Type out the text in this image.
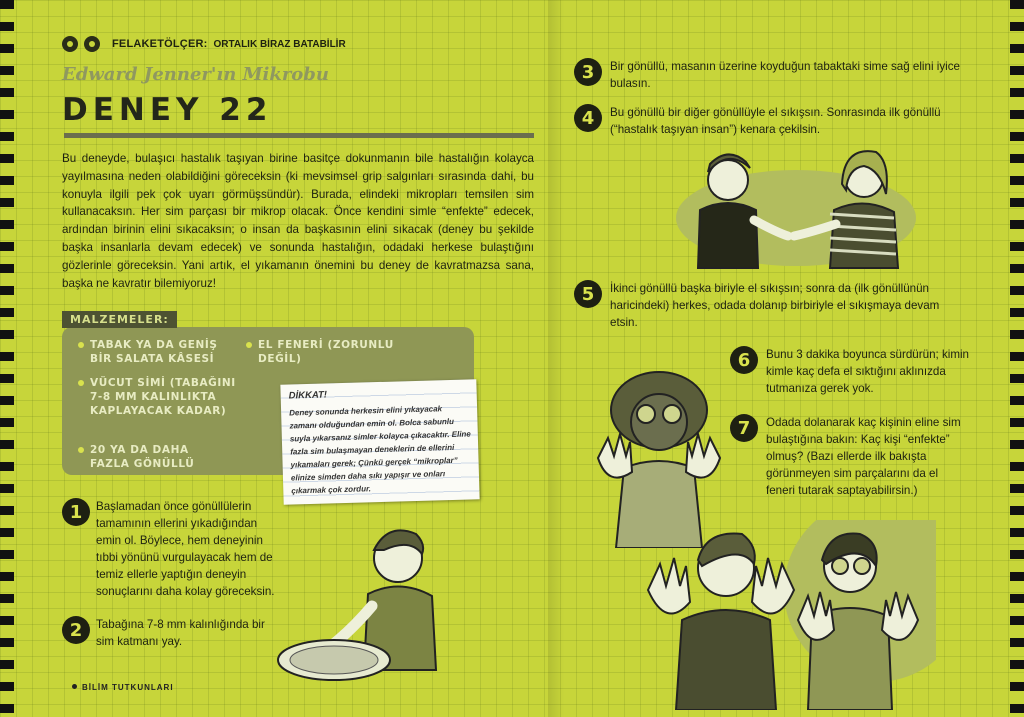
FELAKETÖLÇER: ORTALIK BİRAZ BATABİLİR
Edward Jenner'ın Mikrobu
DENEY 22

Bu deneyde, bulaşıcı hastalık taşıyan birine basitçe dokunmanın bile hastalığın kolayca yayılmasına neden olabildiğini göreceksin (ki mevsimsel grip salgınları sırasında dahi, bu konuyla ilgili pek çok uyarı görmüşsündür). Burada, elindeki mikropları temsilen sim kullanacaksın. Her sim parçası bir mikrop olacak. Önce kendini simle “enfekte” edecek, ardından birinin elini sıkacaksın; o insan da başkasının elini sıkacak (deney bu şekilde başka insanlarla devam edecek) ve sonunda hastalığın, odadaki herkese bulaştığını gözlerinle göreceksin. Yani artık, el yıkamanın önemini bu deney de kavratmazsa sana, başka ne kavratır bilemiyoruz!

MALZEMELER:
TABAK YA DA GENİŞ BİR SALATA KÂSESİ
VÜCUT SİMİ (TABAĞINI 7-8 MM KALINLIKTA KAPLAYACAK KADAR)
20 YA DA DAHA FAZLA GÖNÜLLÜ
EL FENERİ (ZORUNLU DEĞİL)
DİKKAT!
Deney sonunda herkesin elini yıkayacak zamanı olduğundan emin ol. Bolca sabunlu suyla yıkarsanız simler kolayca çıkacaktır. Eline fazla sim bulaşmayan deneklerin de ellerini yıkamaları gerek; Çünkü gerçek “mikroplar” elinize simden daha sıkı yapışır ve onları çıkarmak çok zordur.
1	Başlamadan önce gönüllülerin tamamının ellerini yıkadığından emin ol. Böylece, hem deneyinin tıbbi yönünü vurgulayacak hem de temiz ellerle yaptığın deneyin sonuçlarını daha kolay göreceksin.
2	Tabağına 7-8 mm kalınlığında bir sim katmanı yay.
3	Bir gönüllü, masanın üzerine koyduğun tabaktaki sime sağ elini iyice bulasın.
4	Bu gönüllü bir diğer gönüllüyle el sıkışsın. Sonrasında ilk gönüllü (“hastalık taşıyan insan”) kenara çekilsin.
5	İkinci gönüllü başka biriyle el sıkışsın; sonra da (ilk gönüllünün haricindeki) herkes, odada dolanıp birbiriyle el sıkışmaya devam etsin.
6	Bunu 3 dakika boyunca sürdürün; kimin kimle kaç defa el sıktığını aklınızda tutmanıza gerek yok.
7	Odada dolanarak kaç kişinin eline sim bulaştığına bakın: Kaç kişi “enfekte” olmuş? (Bazı ellerde ilk bakışta görünmeyen sim parçalarını da el feneri tutarak saptayabilirsin.)
BİLİM TUTKUNLARI
